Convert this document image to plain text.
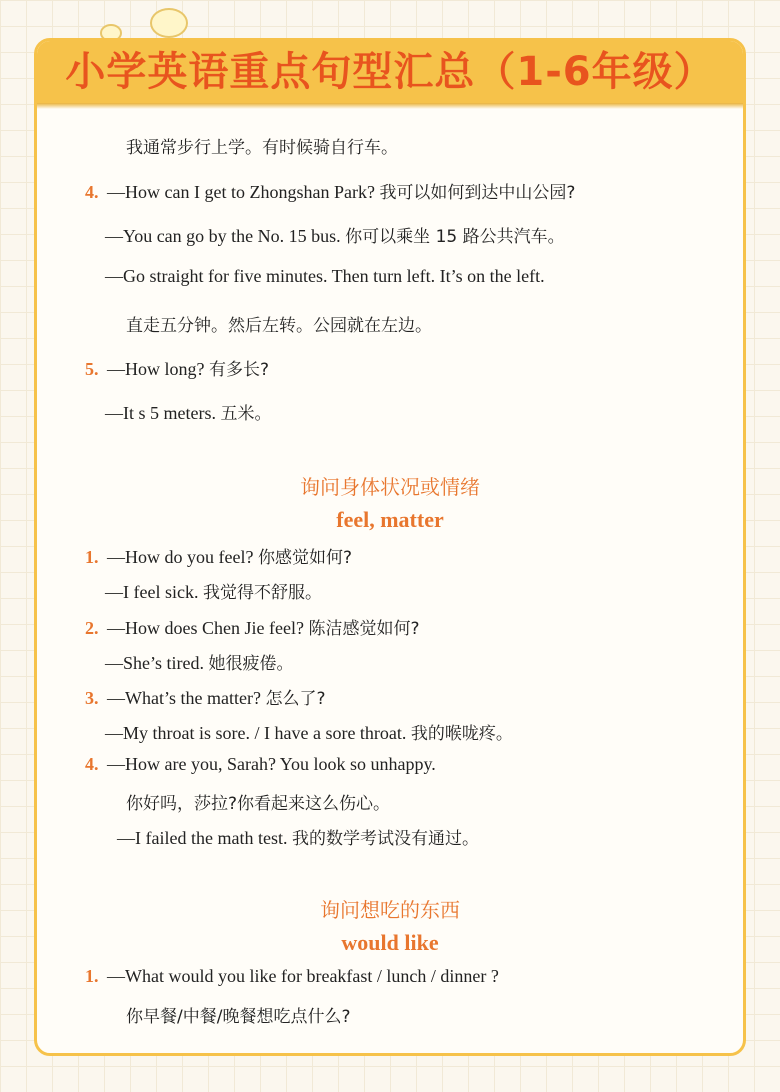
小学英语重点句型汇总（1-6年级）
我通常步行上学。有时候骑自行车。
4. —How can I get to Zhongshan Park? 我可以如何到达中山公园?
—You can go by the No. 15 bus. 你可以乘坐 15 路公共汽车。
—Go straight for five minutes. Then turn left. It’s on the left.
直走五分钟。然后左转。公园就在左边。
5. —How long? 有多长?
—It s 5 meters. 五米。
询问身体状况或情绪
feel, matter
1. —How do you feel? 你感觉如何?
—I feel sick. 我觉得不舒服。
2. —How does Chen Jie feel? 陈洁感觉如何?
—She’s tired. 她很疲倦。
3. —What’s the matter? 怎么了?
—My throat is sore. / I have a sore throat. 我的喉咙疼。
4. —How are you, Sarah? You look so unhappy.
你好吗，莎拉?你看起来这么伤心。
—I failed the math test. 我的数学考试没有通过。
询问想吃的东西
would like
1. —What would you like for breakfast / lunch / dinner ?
你早餐/中餐/晚餐想吃点什么?
